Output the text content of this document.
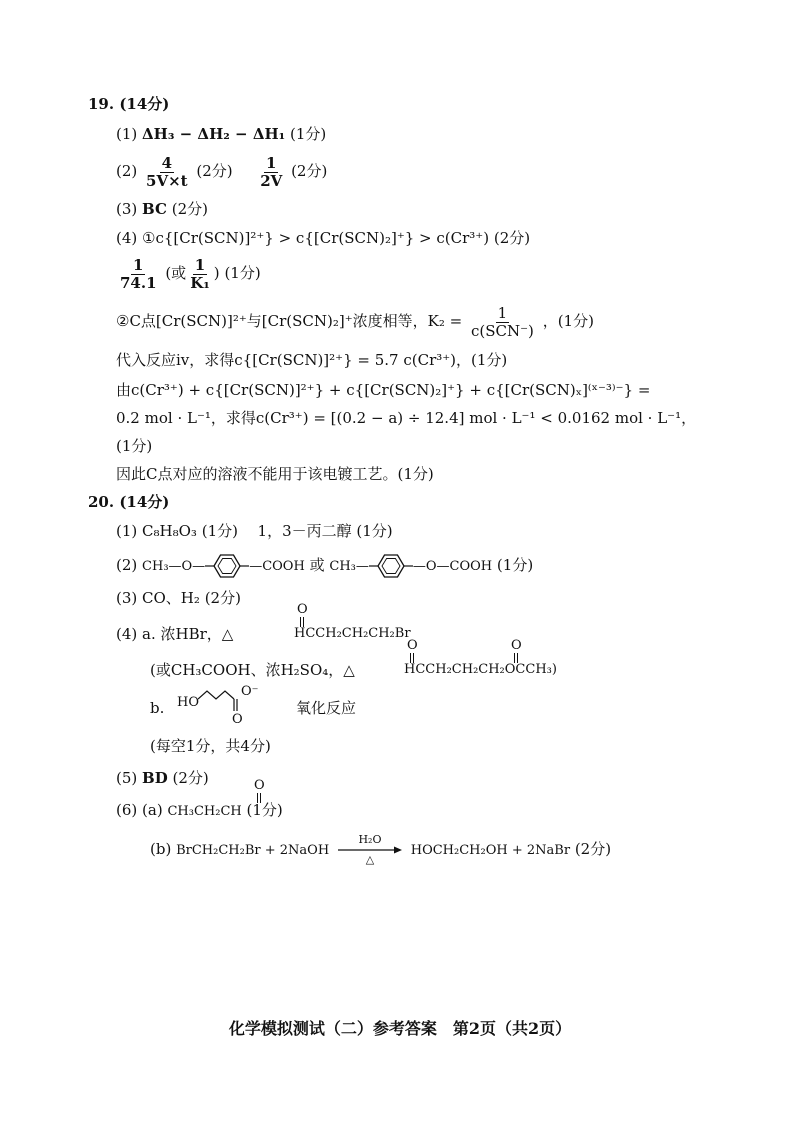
19. (14分)
(1) ΔH₃ − ΔH₂ − ΔH₁ (1分)
$(2) \frac{4}{5V\times t} (2$分) $\frac{1}{2V} (2$分)
(3) BC (2分)
(4) ①c{[Cr(SCN)]²⁺} > c{[Cr(SCN)₂]⁺} > c(Cr³⁺) (2分)
$\frac{1}{74.1}$ (或 $\frac{1}{\text{K₁}}$ ) (1分)
②C点[Cr(SCN)]²⁺与[Cr(SCN)₂]⁺浓度相等，$K_2 = \frac{1}{\text{c(SCN⁻)}}$ ，(1分)
代入反应iv，求得c{[Cr(SCN)]²⁺} = 5.7 c(Cr³⁺)，(1分)
由c(Cr³⁺) + c{[Cr(SCN)]²⁺} + c{[Cr(SCN)₂]⁺} + c{[Cr(SCN)ₓ]⁽ˣ⁻³⁾⁻} =
0.2 mol · L⁻¹，求得c(Cr³⁺) = [(0.2 − a) ÷ 12.4] mol · L⁻¹ < 0.0162 mol · L⁻¹，
(1分)
因此C点对应的溶液不能用于该电镀工艺。(1分)
20. (14分)
(1) C₈H₈O₃ (1分) 1，3－丙二醇 (1分)
(2) CH₃—O—	—COOH 或 CH₃—	—O—COOH (1分)
(3) CO、H₂ (2分)
(4) a. 浓HBr，△
O
HCCH₂CH₂CH₂Br
(或CH₃COOH、浓H₂SO₄，△
O	O
HCCH₂CH₂CH₂OCCH₃)
b. HO
O⁻
O
氧化反应
(每空1分，共4分)
(5) BD (2分)
(6) (a) CH₃CH₂CH (1分)
O
(b) BrCH₂CH₂Br + 2NaOH
H₂O
△
HOCH₂CH₂OH + 2NaBr (2分)
化学模拟测试（二）参考答案　第2页（共2页）
